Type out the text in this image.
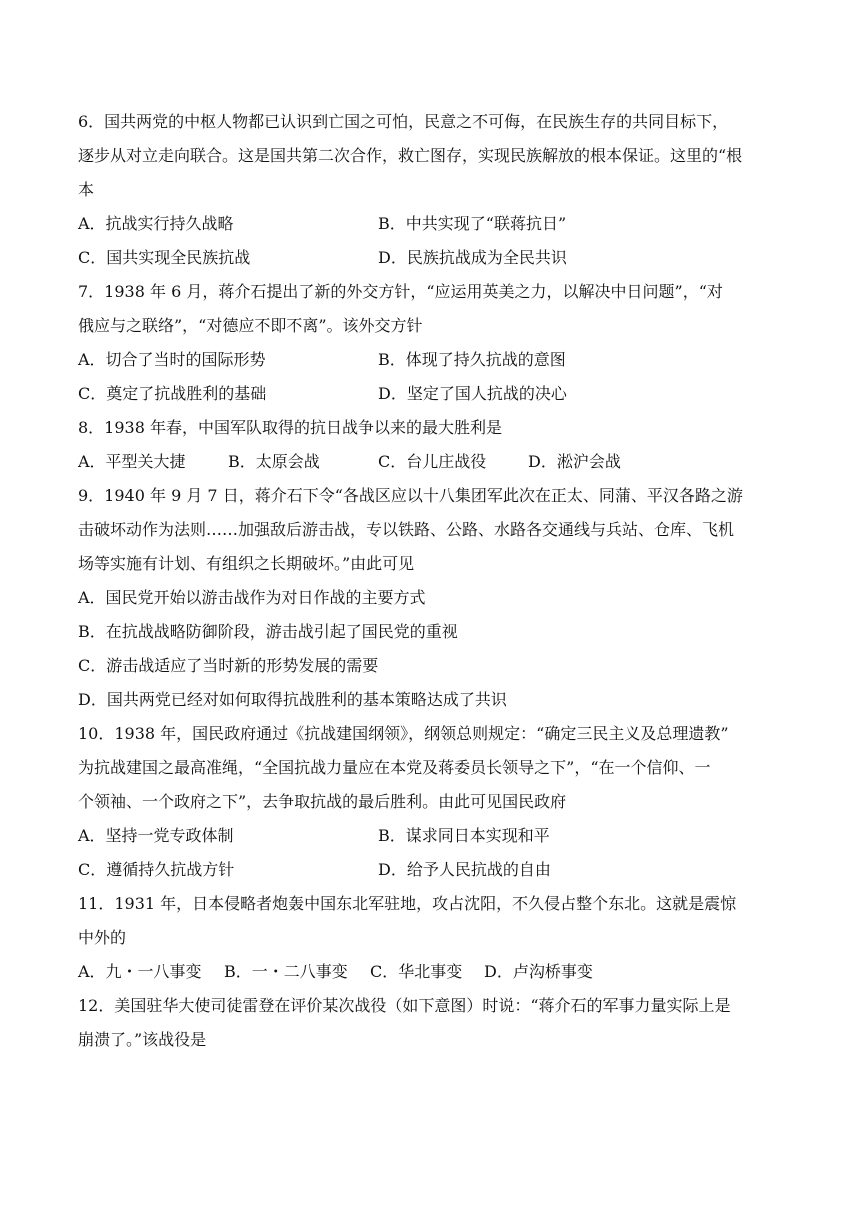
6．国共两党的中枢人物都已认识到亡国之可怕，民意之不可侮，在民族生存的共同目标下，
逐步从对立走向联合。这是国共第二次合作，救亡图存，实现民族解放的根本保证。这里的“根
本
A．抗战实行持久战略	B．中共实现了“联蒋抗日”
C．国共实现全民族抗战	D．民族抗战成为全民共识
7．1938 年 6 月，蒋介石提出了新的外交方针，“应运用英美之力，以解决中日问题”，“对
俄应与之联络”，“对德应不即不离”。该外交方针
A．切合了当时的国际形势	B．体现了持久抗战的意图
C．奠定了抗战胜利的基础	D．坚定了国人抗战的决心
8．1938 年春，中国军队取得的抗日战争以来的最大胜利是
A．平型关大捷	B．太原会战	C．台儿庄战役	D．淞沪会战
9．1940 年 9 月 7 日，蒋介石下令“各战区应以十八集团军此次在正太、同蒲、平汉各路之游
击破坏动作为法则……加强敌后游击战，专以铁路、公路、水路各交通线与兵站、仓库、飞机
场等实施有计划、有组织之长期破坏。”由此可见
A．国民党开始以游击战作为对日作战的主要方式
B．在抗战战略防御阶段，游击战引起了国民党的重视
C．游击战适应了当时新的形势发展的需要
D．国共两党已经对如何取得抗战胜利的基本策略达成了共识
10．1938 年，国民政府通过《抗战建国纲领》，纲领总则规定：“确定三民主义及总理遗教”
为抗战建国之最高准绳，“全国抗战力量应在本党及蒋委员长领导之下”，“在一个信仰、一
个领袖、一个政府之下”，去争取抗战的最后胜利。由此可见国民政府
A．坚持一党专政体制	B．谋求同日本实现和平
C．遵循持久抗战方针	D．给予人民抗战的自由
11．1931 年，日本侵略者炮轰中国东北军驻地，攻占沈阳，不久侵占整个东北。这就是震惊
中外的
A．九・一八事变 B．一・二八事变 C．华北事变 D．卢沟桥事变
12．美国驻华大使司徒雷登在评价某次战役（如下意图）时说：“蒋介石的军事力量实际上是
崩溃了。”该战役是
